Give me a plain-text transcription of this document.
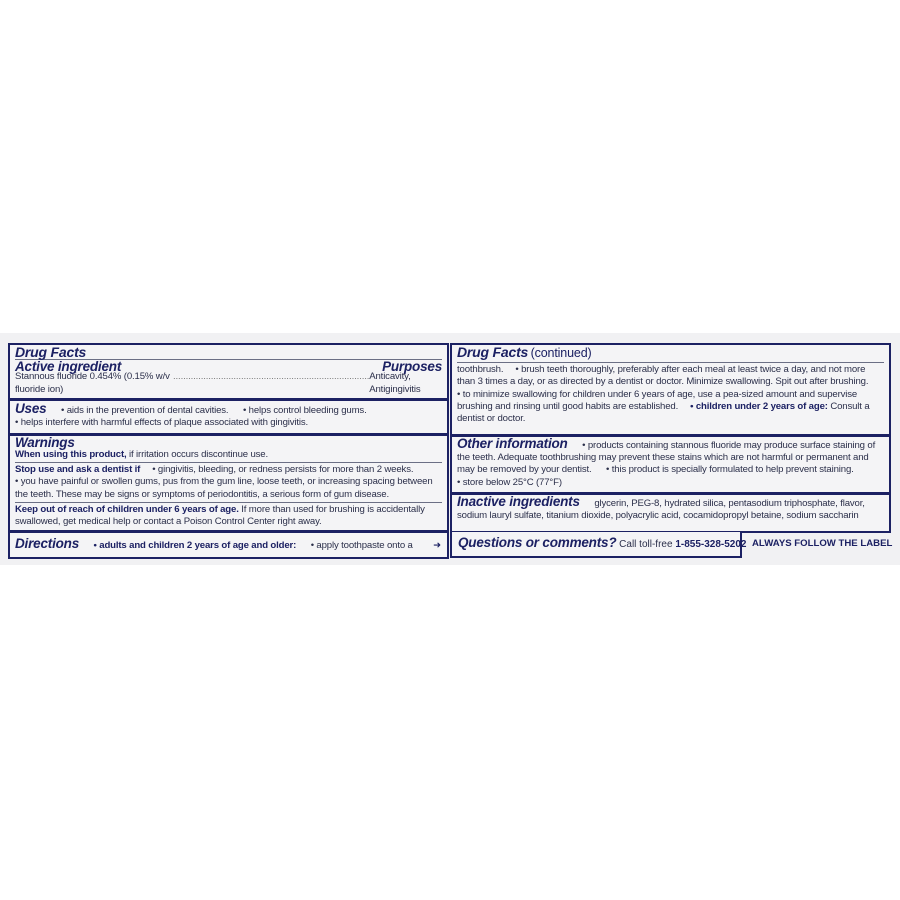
Drug Facts
Active ingredient	Purposes
Stannous fluoride 0.454% (0.15% w/v fluoride ion)
.............................................................................. Anticavity, Antigingivitis
Uses • aids in the prevention of dental cavities. • helps control bleeding gums.
• helps interfere with harmful effects of plaque associated with gingivitis.
Warnings
When using this product, if irritation occurs discontinue use.
Stop use and ask a dentist if • gingivitis, bleeding, or redness persists for more than 2 weeks.
• you have painful or swollen gums, pus from the gum line, loose teeth, or increasing spacing between the teeth. These may be signs or symptoms of periodontitis, a serious form of gum disease.
Keep out of reach of children under 6 years of age. If more than used for brushing is accidentally swallowed, get medical help or contact a Poison Control Center right away.
Directions • adults and children 2 years of age and older: • apply toothpaste onto a ➜
Drug Facts (continued)
toothbrush. • brush teeth thoroughly, preferably after each meal at least twice a day, and not more than 3 times a day, or as directed by a dentist or doctor. Minimize swallowing. Spit out after brushing.
• to minimize swallowing for children under 6 years of age, use a pea-sized amount and supervise brushing and rinsing until good habits are established. • children under 2 years of age: Consult a dentist or doctor.
Other information • products containing stannous fluoride may produce surface staining of the teeth. Adequate toothbrushing may prevent these stains which are not harmful or permanent and may be removed by your dentist. • this product is specially formulated to help prevent staining.
• store below 25°C (77°F)
Inactive ingredients glycerin, PEG-8, hydrated silica, pentasodium triphosphate, flavor, sodium lauryl sulfate, titanium dioxide, polyacrylic acid, cocamidopropyl betaine, sodium saccharin
Questions or comments? Call toll-free 1-855-328-5202 ALWAYS FOLLOW THE LABEL
